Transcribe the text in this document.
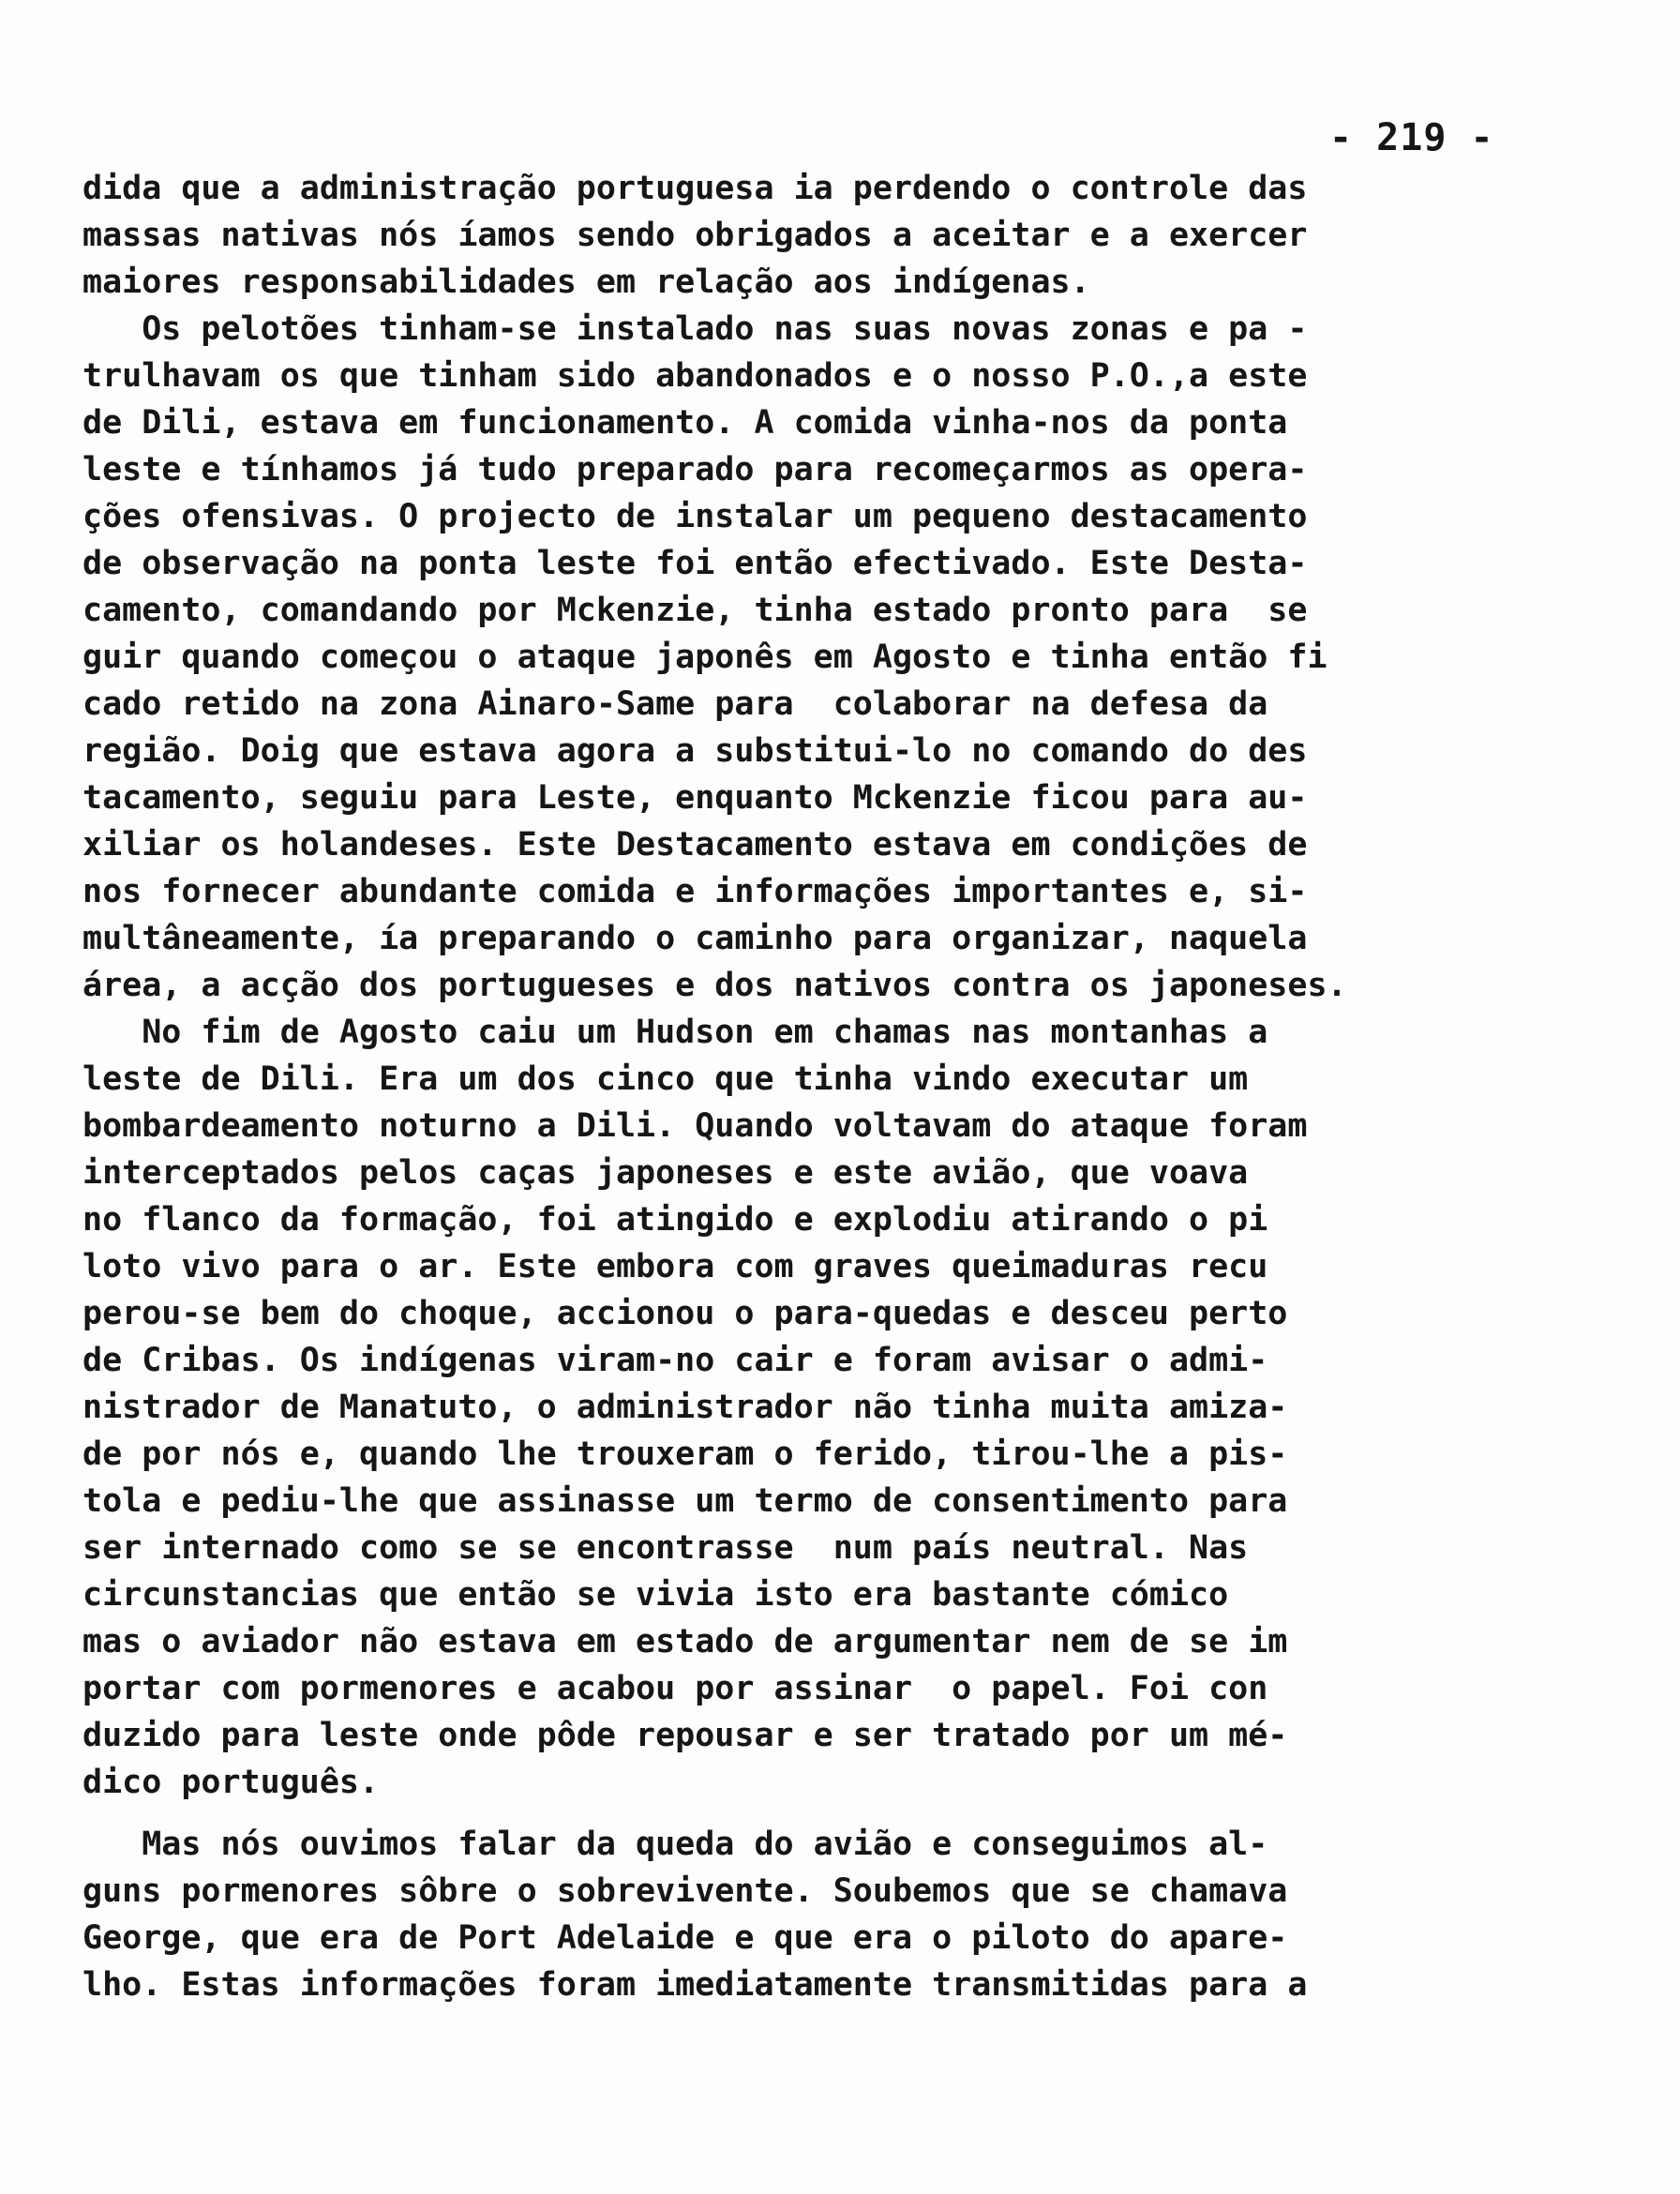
- 219 -
dida que a administração portuguesa ia perdendo o controle das
massas nativas nós íamos sendo obrigados a aceitar e a exercer
maiores responsabilidades em relação aos indígenas.
Os pelotões tinham-se instalado nas suas novas zonas e pa -
trulhavam os que tinham sido abandonados e o nosso P.O.,a este
de Dili, estava em funcionamento. A comida vinha-nos da ponta
leste e tínhamos já tudo preparado para recomeçarmos as opera-
ções ofensivas. O projecto de instalar um pequeno destacamento
de observação na ponta leste foi então efectivado. Este Desta-
camento, comandando por Mckenzie, tinha estado pronto para  se
guir quando começou o ataque japonês em Agosto e tinha então fi
cado retido na zona Ainaro-Same para  colaborar na defesa da
região. Doig que estava agora a substitui-lo no comando do des
tacamento, seguiu para Leste, enquanto Mckenzie ficou para au-
xiliar os holandeses. Este Destacamento estava em condições de
nos fornecer abundante comida e informações importantes e, si-
multâneamente, ía preparando o caminho para organizar, naquela
área, a acção dos portugueses e dos nativos contra os japoneses.
No fim de Agosto caiu um Hudson em chamas nas montanhas a
leste de Dili. Era um dos cinco que tinha vindo executar um
bombardeamento noturno a Dili. Quando voltavam do ataque foram
interceptados pelos caças japoneses e este avião, que voava
no flanco da formação, foi atingido e explodiu atirando o pi
loto vivo para o ar. Este embora com graves queimaduras recu
perou-se bem do choque, accionou o para-quedas e desceu perto
de Cribas. Os indígenas viram-no cair e foram avisar o admi-
nistrador de Manatuto, o administrador não tinha muita amiza-
de por nós e, quando lhe trouxeram o ferido, tirou-lhe a pis-
tola e pediu-lhe que assinasse um termo de consentimento para
ser internado como se se encontrasse  num país neutral. Nas
circunstancias que então se vivia isto era bastante cómico
mas o aviador não estava em estado de argumentar nem de se im
portar com pormenores e acabou por assinar  o papel. Foi con
duzido para leste onde pôde repousar e ser tratado por um mé-
dico português.
Mas nós ouvimos falar da queda do avião e conseguimos al-
guns pormenores sôbre o sobrevivente. Soubemos que se chamava
George, que era de Port Adelaide e que era o piloto do apare-
lho. Estas informações foram imediatamente transmitidas para a
